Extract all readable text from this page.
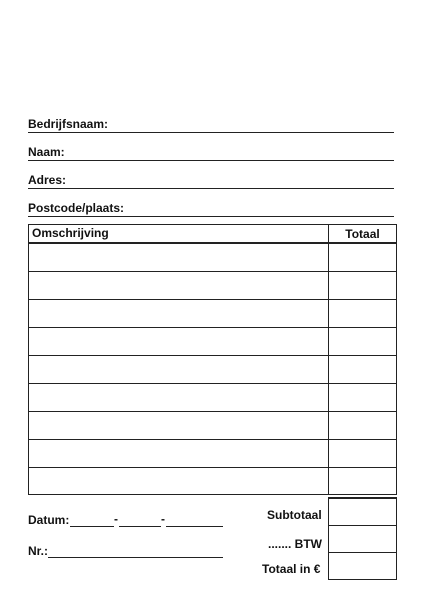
Bedrijfsnaam:
Naam:
Adres:
Postcode/plaats:
Omschrijving	Totaal
Datum:	-	-
Nr.:
Subtotaal
....... BTW
Totaal in €
